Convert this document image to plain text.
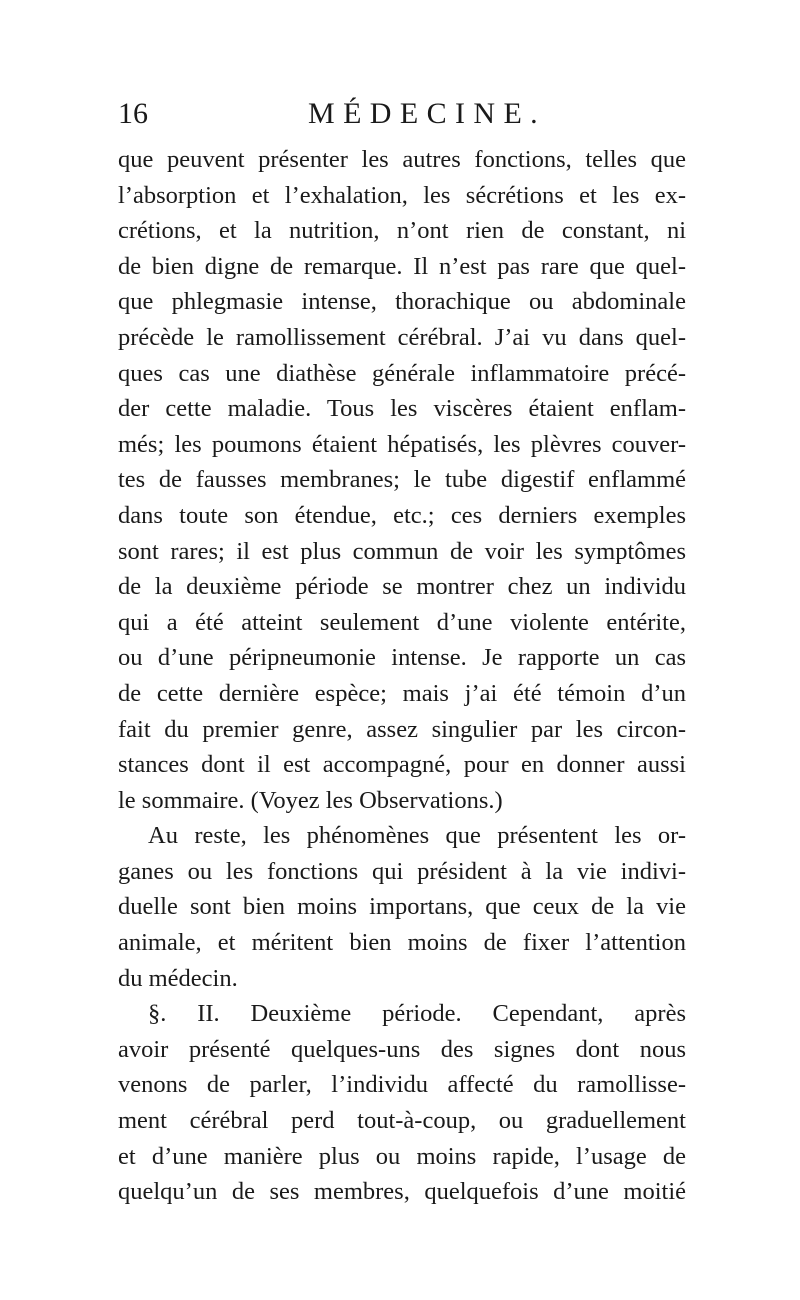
16	MÉDECINE.
que peuvent présenter les autres fonctions, telles que
l’absorption et l’exhalation, les sécrétions et les ex-
crétions, et la nutrition, n’ont rien de constant, ni
de bien digne de remarque. Il n’est pas rare que quel-
que phlegmasie intense, thorachique ou abdominale
précède le ramollissement cérébral. J’ai vu dans quel-
ques cas une diathèse générale inflammatoire précé-
der cette maladie. Tous les viscères étaient enflam-
més; les poumons étaient hépatisés, les plèvres couver-
tes de fausses membranes; le tube digestif enflammé
dans toute son étendue, etc.; ces derniers exemples
sont rares; il est plus commun de voir les symptômes
de la deuxième période se montrer chez un individu
qui a été atteint seulement d’une violente entérite,
ou d’une péripneumonie intense. Je rapporte un cas
de cette dernière espèce; mais j’ai été témoin d’un
fait du premier genre, assez singulier par les circon-
stances dont il est accompagné, pour en donner aussi
le sommaire. (Voyez les Observations.)
Au reste, les phénomènes que présentent les or-
ganes ou les fonctions qui président à la vie indivi-
duelle sont bien moins importans, que ceux de la vie
animale, et méritent bien moins de fixer l’attention
du médecin.
§. II. Deuxième période. Cependant, après
avoir présenté quelques-uns des signes dont nous
venons de parler, l’individu affecté du ramollisse-
ment cérébral perd tout-à-coup, ou graduellement
et d’une manière plus ou moins rapide, l’usage de
quelqu’un de ses membres, quelquefois d’une moitié
